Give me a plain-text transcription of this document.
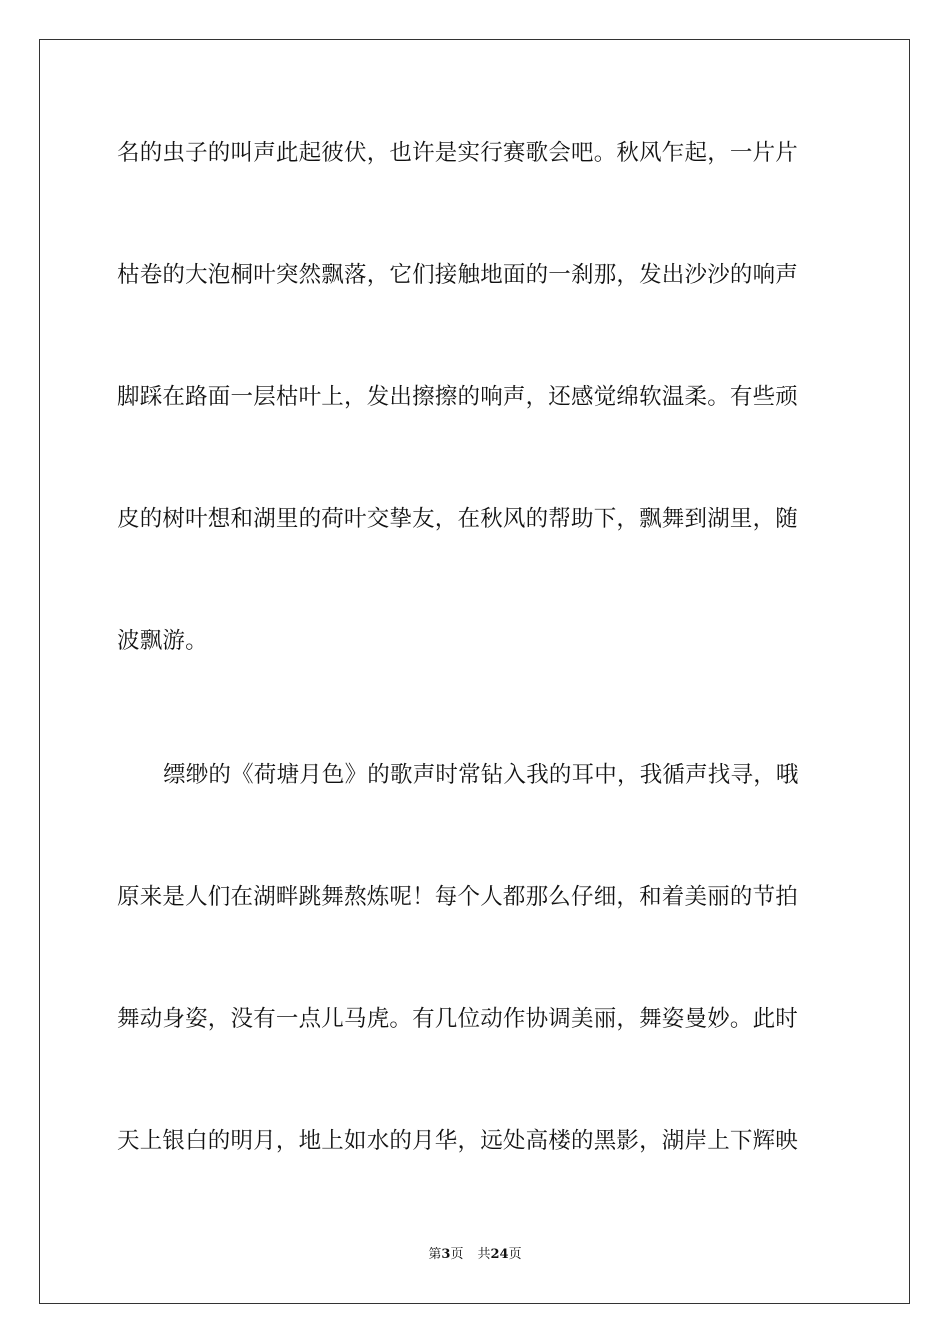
名的虫子的叫声此起彼伏，也许是实行赛歌会吧。秋风乍起，一片片
枯卷的大泡桐叶突然飘落，它们接触地面的一刹那，发出沙沙的响声
脚踩在路面一层枯叶上，发出擦擦的响声，还感觉绵软温柔。有些顽
皮的树叶想和湖里的荷叶交挚友，在秋风的帮助下，飘舞到湖里，随
波飘游。
缥缈的《荷塘月色》的歌声时常钻入我的耳中，我循声找寻，哦
原来是人们在湖畔跳舞熬炼呢！每个人都那么仔细，和着美丽的节拍
舞动身姿，没有一点儿马虎。有几位动作协调美丽，舞姿曼妙。此时
天上银白的明月，地上如水的月华，远处高楼的黑影，湖岸上下辉映
第3页 共24页
